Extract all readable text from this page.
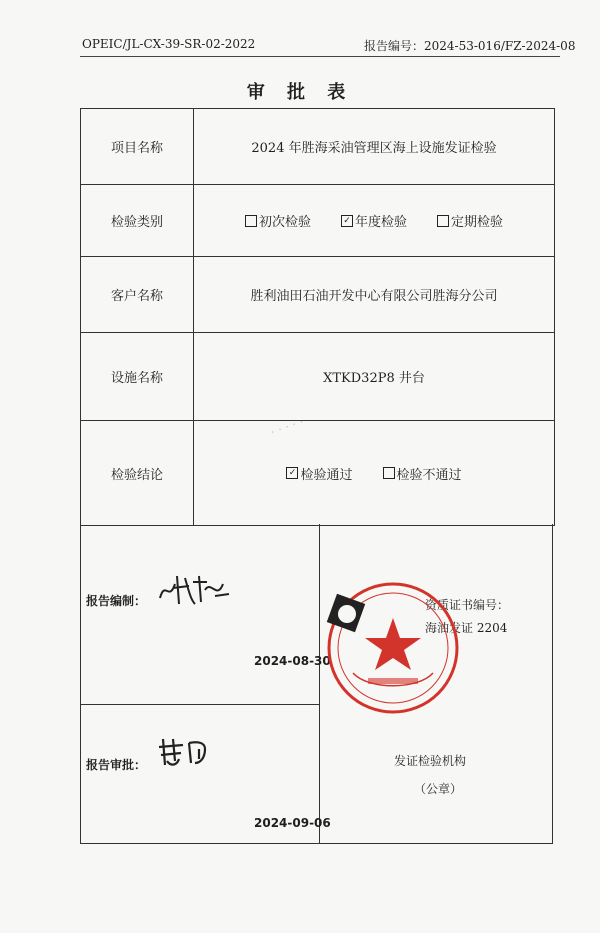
OPEIC/JL-CX-39-SR-02-2022	报告编号：2024-53-016/FZ-2024-08
审 批 表
项目名称	2024 年胜海采油管理区海上设施发证检验
检验类别	初次检验	✓ 年度检验	定期检验
客户名称	胜利油田石油开发中心有限公司胜海分公司
设施名称	XTKD32P8 井台
检验结论	✓ 检验通过	检验不通过
· · · · ·
报告编制：
2024-08-30
报告审批：
2024-09-06
资质证书编号：
海油发证 2204
发证检验机构
（公章）
